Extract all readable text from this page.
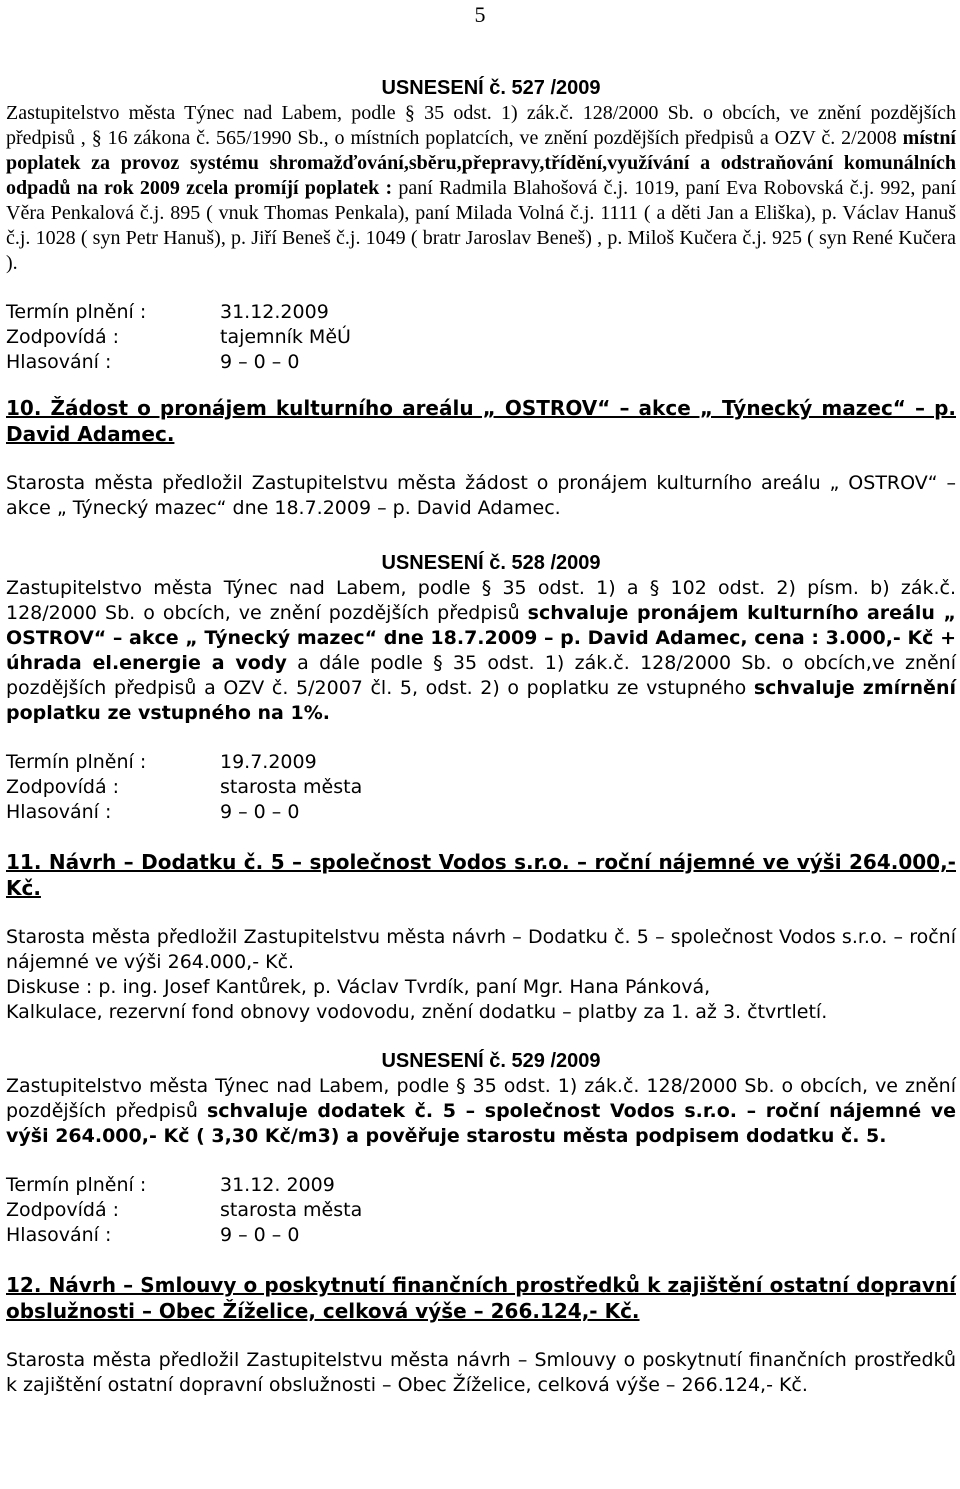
5

USNESENÍ č. 527 /2009

Zastupitelstvo města Týnec nad Labem, podle § 35 odst. 1) zák.č. 128/2000 Sb. o obcích, ve znění pozdějších předpisů , § 16 zákona č. 565/1990 Sb., o místních poplatcích, ve znění pozdějších předpisů a OZV č. 2/2008 místní poplatek za provoz systému shromažďování,sběru,přepravy,třídění,využívání a odstraňování komunálních odpadů na rok 2009 zcela promíjí poplatek : paní Radmila Blahošová č.j. 1019, paní Eva Robovská č.j. 992, paní Věra Penkalová č.j. 895 ( vnuk Thomas Penkala), paní Milada Volná č.j. 1111 ( a děti Jan a Eliška), p. Václav Hanuš č.j. 1028 ( syn Petr Hanuš), p. Jiří Beneš č.j. 1049 ( bratr Jaroslav Beneš) , p. Miloš Kučera č.j. 925 ( syn René Kučera ).

Termín plnění :	31.12.2009
Zodpovídá :	tajemník MěÚ
Hlasování :	9 – 0 – 0

10. Žádost o pronájem kulturního areálu „ OSTROV“ – akce „ Týnecký mazec“ – p. David Adamec.

Starosta města předložil Zastupitelstvu města žádost o pronájem kulturního areálu „ OSTROV“ – akce „ Týnecký mazec“ dne 18.7.2009 – p. David Adamec.

USNESENÍ č. 528 /2009

Zastupitelstvo města Týnec nad Labem, podle § 35 odst. 1) a § 102 odst. 2) písm. b) zák.č. 128/2000 Sb. o obcích, ve znění pozdějších předpisů schvaluje pronájem kulturního areálu „ OSTROV“ – akce „ Týnecký mazec“ dne 18.7.2009 – p. David Adamec, cena : 3.000,- Kč + úhrada el.energie a vody a dále podle § 35 odst. 1) zák.č. 128/2000 Sb. o obcích,ve znění pozdějších předpisů a OZV č. 5/2007 čl. 5, odst. 2) o poplatku ze vstupného schvaluje zmírnění poplatku ze vstupného na 1%.

Termín plnění :	19.7.2009
Zodpovídá :	starosta města
Hlasování :	9 – 0 – 0

11. Návrh – Dodatku č. 5 – společnost Vodos s.r.o. – roční nájemné ve výši 264.000,- Kč.

Starosta města předložil Zastupitelstvu města návrh – Dodatku č. 5 – společnost Vodos s.r.o. – roční nájemné ve výši 264.000,- Kč.

Diskuse : p. ing. Josef Kantůrek, p. Václav Tvrdík, paní Mgr. Hana Pánková,

Kalkulace, rezervní fond obnovy vodovodu, znění dodatku – platby za 1. až 3. čtvrtletí.

USNESENÍ č. 529 /2009

Zastupitelstvo města Týnec nad Labem, podle § 35 odst. 1) zák.č. 128/2000 Sb. o obcích, ve znění pozdějších předpisů schvaluje dodatek č. 5 – společnost Vodos s.r.o. – roční nájemné ve výši 264.000,- Kč ( 3,30 Kč/m3) a pověřuje starostu města podpisem dodatku č. 5.

Termín plnění :	31.12. 2009
Zodpovídá :	starosta města
Hlasování :	9 – 0 – 0

12. Návrh – Smlouvy o poskytnutí finančních prostředků k zajištění ostatní dopravní obslužnosti – Obec Žíželice, celková výše – 266.124,- Kč.

Starosta města předložil Zastupitelstvu města návrh – Smlouvy o poskytnutí finančních prostředků k zajištění ostatní dopravní obslužnosti – Obec Žíželice, celková výše – 266.124,- Kč.
